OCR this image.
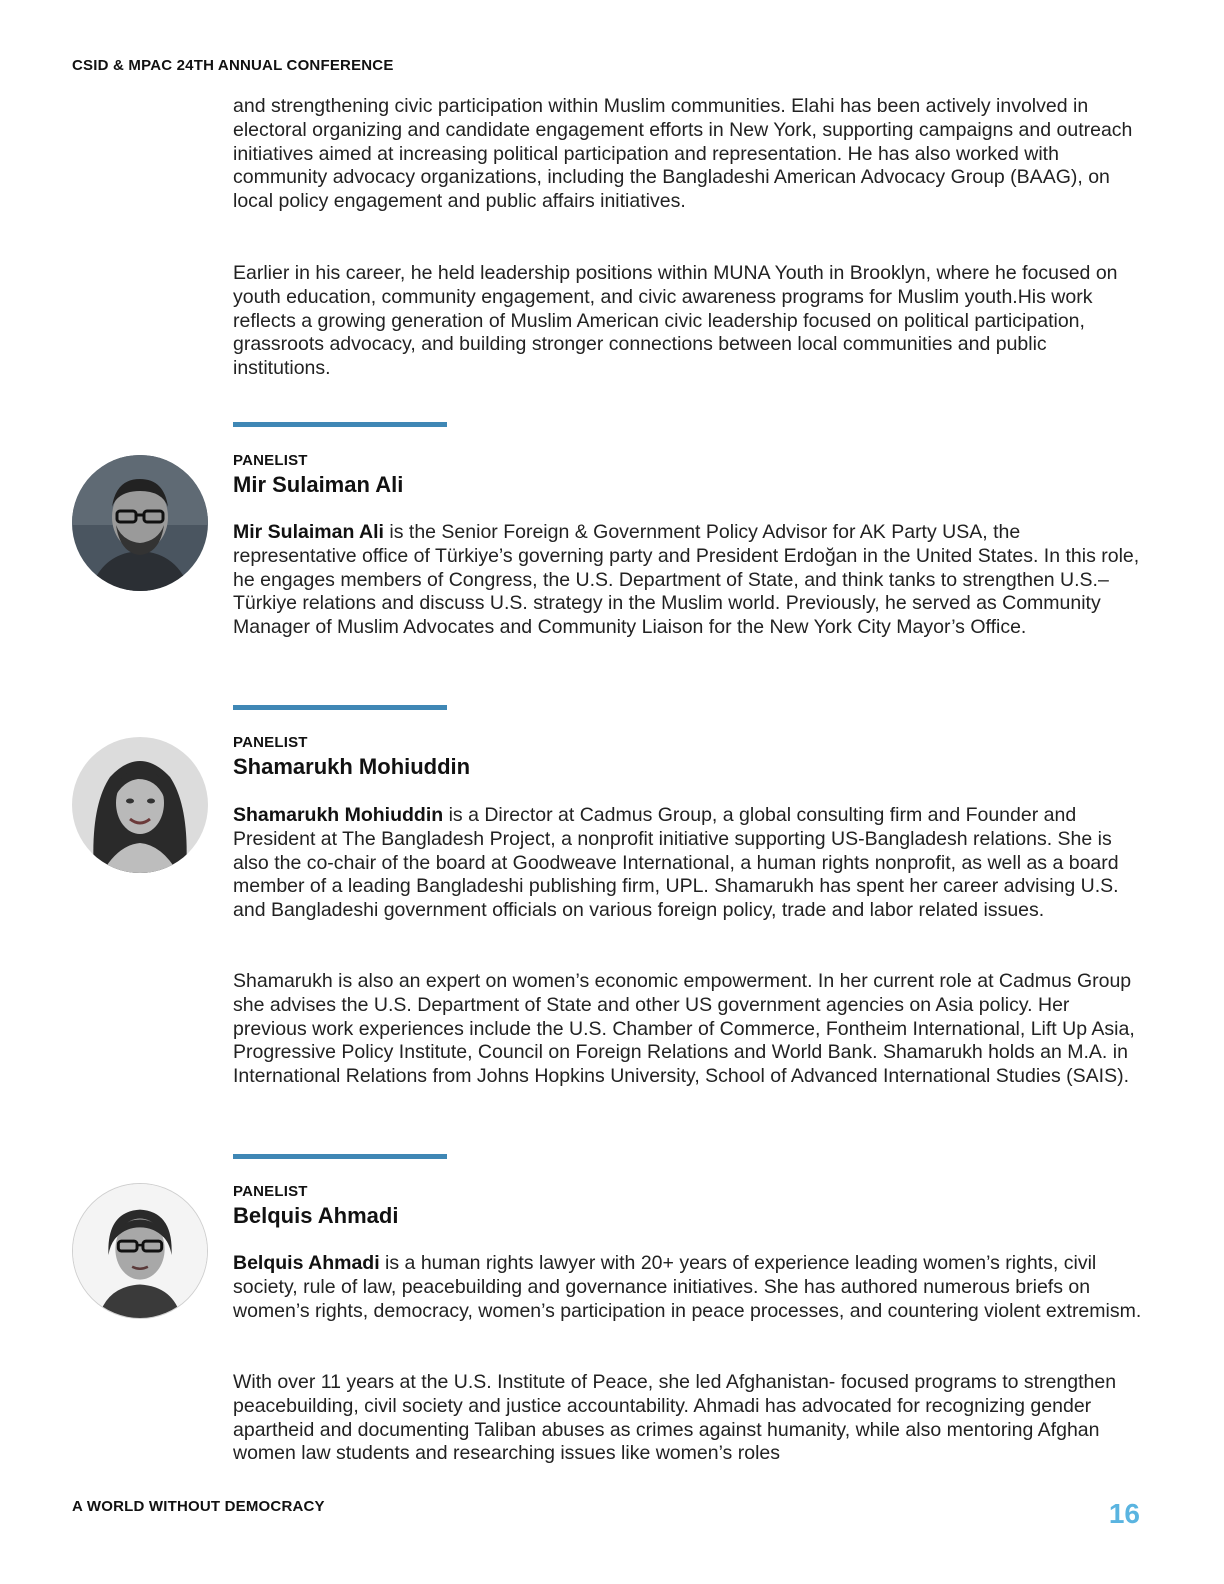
CSID & MPAC 24TH ANNUAL CONFERENCE

and strengthening civic participation within Muslim communities. Elahi has been actively involved in electoral organizing and candidate engagement efforts in New York, supporting campaigns and outreach initiatives aimed at increasing political participation and representation. He has also worked with community advocacy organizations, including the Bangladeshi American Advocacy Group (BAAG), on local policy engagement and public affairs initiatives.

Earlier in his career, he held leadership positions within MUNA Youth in Brooklyn, where he focused on youth education, community engagement, and civic awareness programs for Muslim youth.His work reflects a growing generation of Muslim American civic leadership focused on political participation, grassroots advocacy, and building stronger connections between local communities and public institutions.

PANELIST
Mir Sulaiman Ali

Mir Sulaiman Ali is the Senior Foreign & Government Policy Advisor for AK Party USA, the representative office of Türkiye’s governing party and President Erdoğan in the United States. In this role, he engages members of Congress, the U.S. Department of State, and think tanks to strengthen U.S.–Türkiye relations and discuss U.S. strategy in the Muslim world. Previously, he served as Community Manager of Muslim Advocates and Community Liaison for the New York City Mayor’s Office.

PANELIST
Shamarukh Mohiuddin

Shamarukh Mohiuddin is a Director at Cadmus Group, a global consulting firm and Founder and President at The Bangladesh Project, a nonprofit initiative supporting US-Bangladesh relations. She is also the co-chair of the board at Goodweave International, a human rights nonprofit, as well as a board member of a leading Bangladeshi publishing firm, UPL. Shamarukh has spent her career advising U.S. and Bangladeshi government officials on various foreign policy, trade and labor related issues.

Shamarukh is also an expert on women’s economic empowerment. In her current role at Cadmus Group she advises the U.S. Department of State and other US government agencies on Asia policy. Her previous work experiences include the U.S. Chamber of Commerce, Fontheim International, Lift Up Asia, Progressive Policy Institute, Council on Foreign Relations and World Bank. Shamarukh holds an M.A. in International Relations from Johns Hopkins University, School of Advanced International Studies (SAIS).

PANELIST
Belquis Ahmadi

Belquis Ahmadi is a human rights lawyer with 20+ years of experience leading women’s rights, civil society, rule of law, peacebuilding and governance initiatives. She has authored numerous briefs on women’s rights, democracy, women’s participation in peace processes, and countering violent extremism.

With over 11 years at the U.S. Institute of Peace, she led Afghanistan- focused programs to strengthen peacebuilding, civil society and justice accountability. Ahmadi has advocated for recognizing gender apartheid and documenting Taliban abuses as crimes against humanity, while also mentoring Afghan women law students and researching issues like women’s roles

A WORLD WITHOUT DEMOCRACY	16
